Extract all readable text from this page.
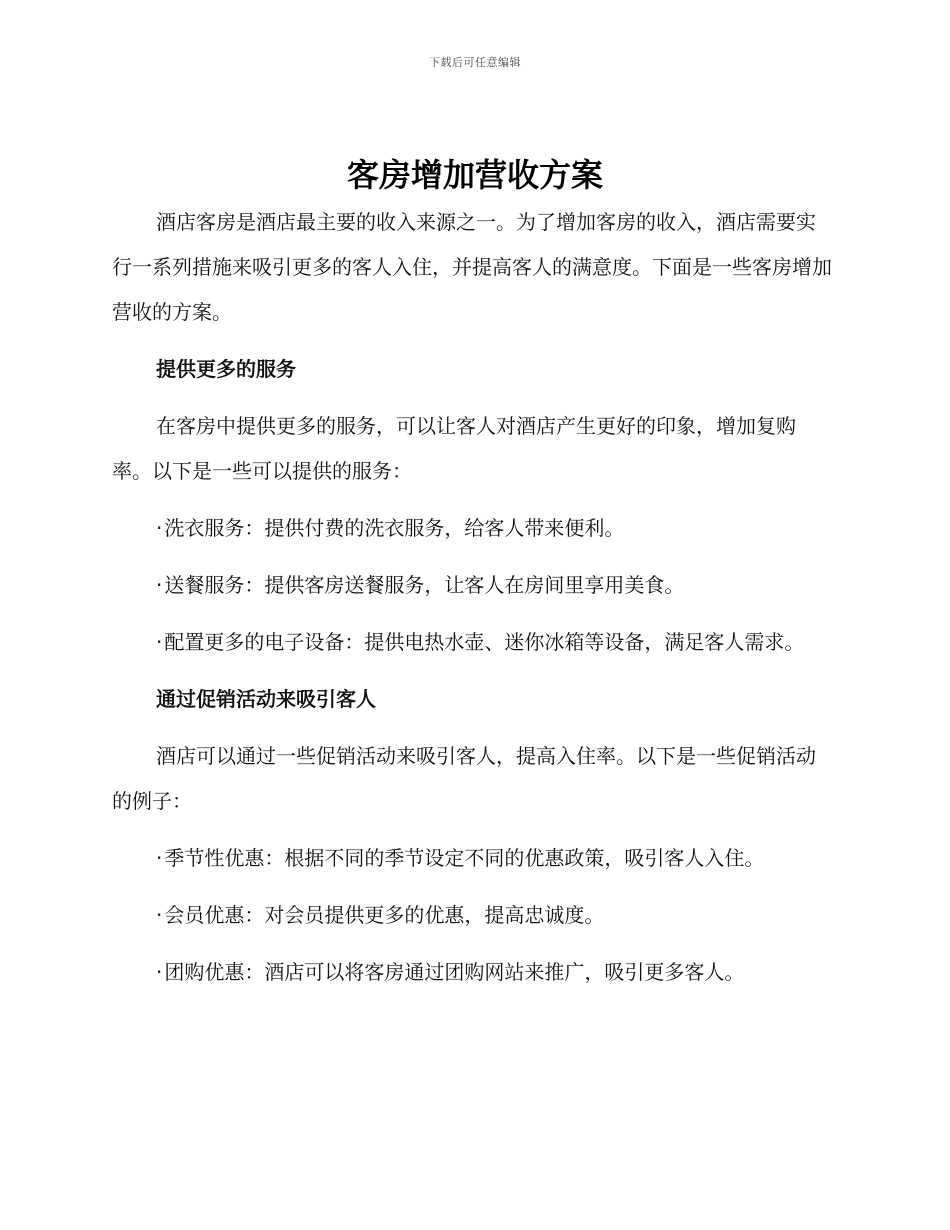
下载后可任意编辑
客房增加营收方案

酒店客房是酒店最主要的收入来源之一。为了增加客房的收入，酒店需要实行一系列措施来吸引更多的客人入住，并提高客人的满意度。下面是一些客房增加营收的方案。

提供更多的服务

在客房中提供更多的服务，可以让客人对酒店产生更好的印象，增加复购率。以下是一些可以提供的服务：

· 洗衣服务：提供付费的洗衣服务，给客人带来便利。

· 送餐服务：提供客房送餐服务，让客人在房间里享用美食。

· 配置更多的电子设备：提供电热水壶、迷你冰箱等设备，满足客人需求。

通过促销活动来吸引客人

酒店可以通过一些促销活动来吸引客人，提高入住率。以下是一些促销活动的例子：

· 季节性优惠：根据不同的季节设定不同的优惠政策，吸引客人入住。

· 会员优惠：对会员提供更多的优惠，提高忠诚度。

· 团购优惠：酒店可以将客房通过团购网站来推广，吸引更多客人。
